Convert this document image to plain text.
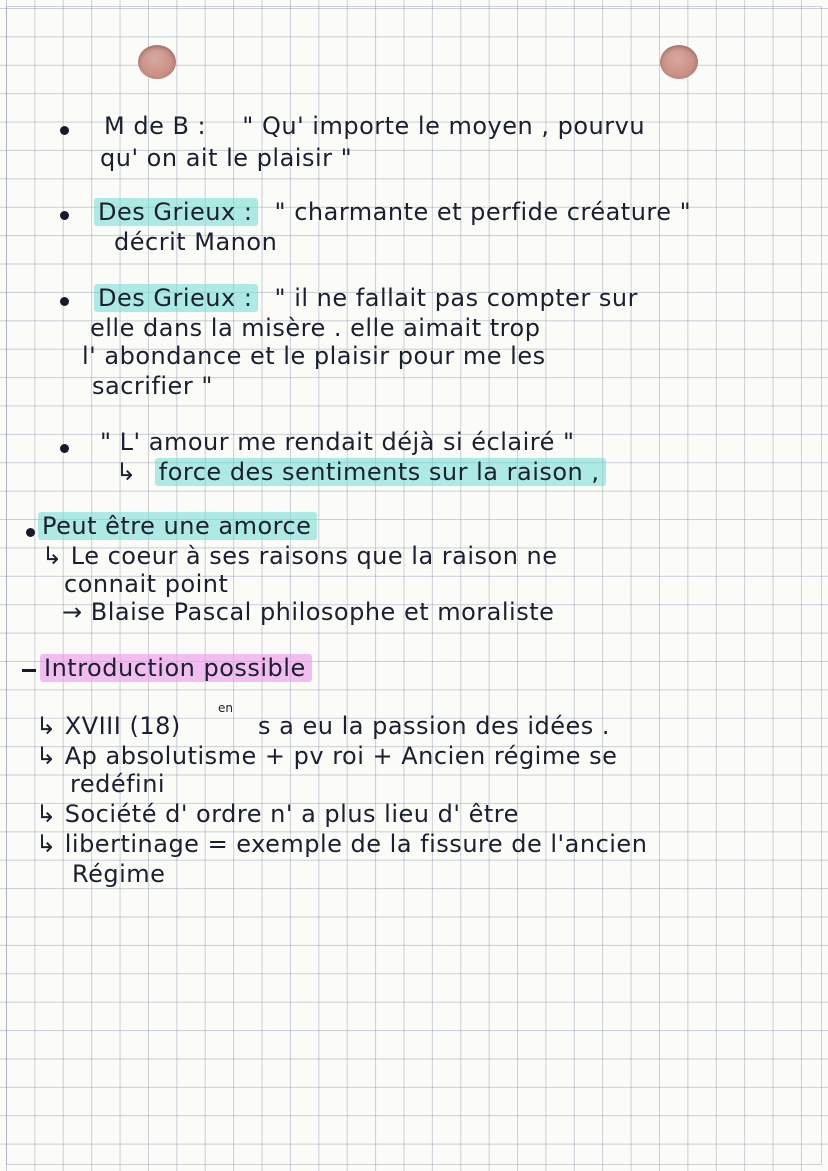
M de B : " Qu' importe le moyen , pourvu
qu' on ait le plaisir "
Des Grieux : " charmante et perfide créature "
décrit Manon
Des Grieux : " il ne fallait pas compter sur
elle dans la misère . elle aimait trop
l' abondance et le plaisir pour me les
sacrifier "
" L' amour me rendait déjà si éclairé "
↳ force des sentiments sur la raison ,
Peut être une amorce
↳ Le coeur à ses raisons que la raison ne
connait point
→ Blaise Pascal philosophe et moraliste
Introduction possible
↳ XVIII (18)
en
s a eu la passion des idées .
↳ Ap absolutisme + pv roi + Ancien régime se
redéfini
↳ Société d' ordre n' a plus lieu d' être
↳ libertinage = exemple de la fissure de l'ancien
Régime
